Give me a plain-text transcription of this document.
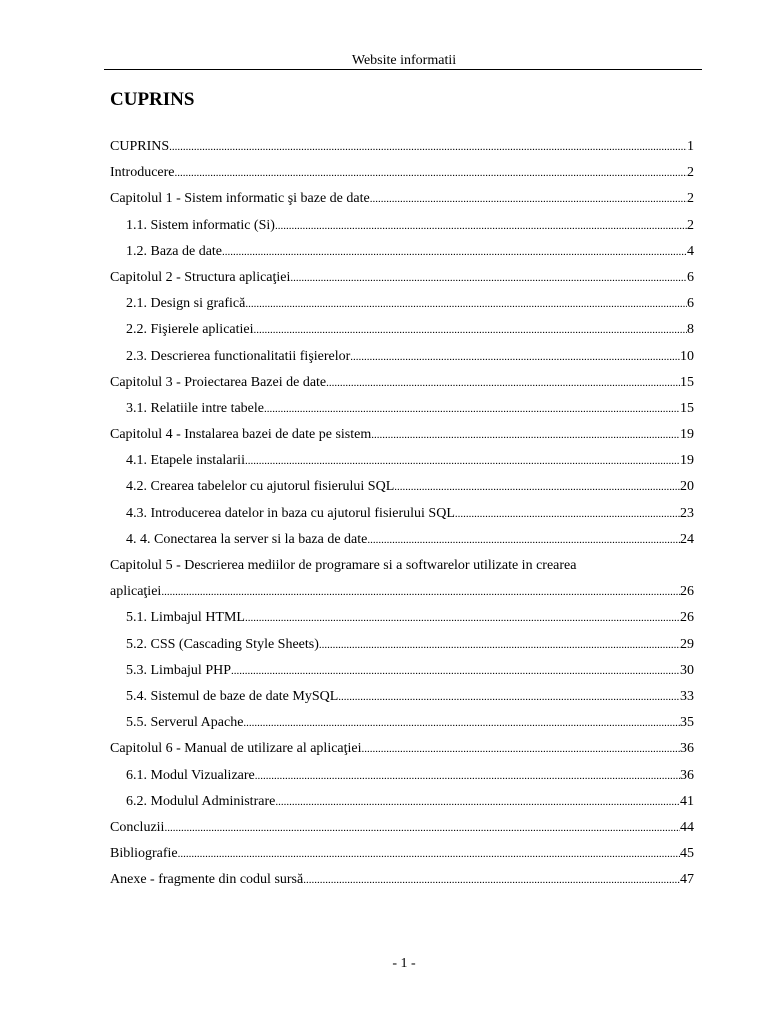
Website informatii
CUPRINS
CUPRINS .....	1
Introducere .....	2
Capitolul 1 - Sistem informatic şi baze de date .....	2
1.1. Sistem informatic (Si) .....	2
1.2. Baza de date .....	4
Capitolul 2 - Structura aplicaţiei .....	6
2.1. Design si grafică .....	6
2.2. Fişierele aplicatiei .....	8
2.3. Descrierea functionalitatii fişierelor .....	10
Capitolul 3 - Proiectarea Bazei de date .....	15
3.1. Relatiile intre tabele .....	15
Capitolul 4 - Instalarea bazei de date pe sistem .....	19
4.1. Etapele instalarii .....	19
4.2. Crearea tabelelor cu ajutorul fisierului SQL .....	20
4.3. Introducerea datelor in baza cu ajutorul fisierului SQL .....	23
4. 4. Conectarea la server si la baza de date .....	24
Capitolul 5 - Descrierea mediilor de programare si a softwarelor utilizate in crearea
aplicaţiei .....	26
5.1. Limbajul HTML .....	26
5.2. CSS (Cascading Style Sheets) .....	29
5.3. Limbajul PHP .....	30
5.4. Sistemul de baze de date MySQL .....	33
5.5. Serverul Apache .....	35
Capitolul 6 - Manual de utilizare al aplicaţiei .....	36
6.1. Modul Vizualizare .....	36
6.2. Modulul Administrare .....	41
Concluzii .....	44
Bibliografie .....	45
Anexe - fragmente din codul sursă .....	47
- 1 -
